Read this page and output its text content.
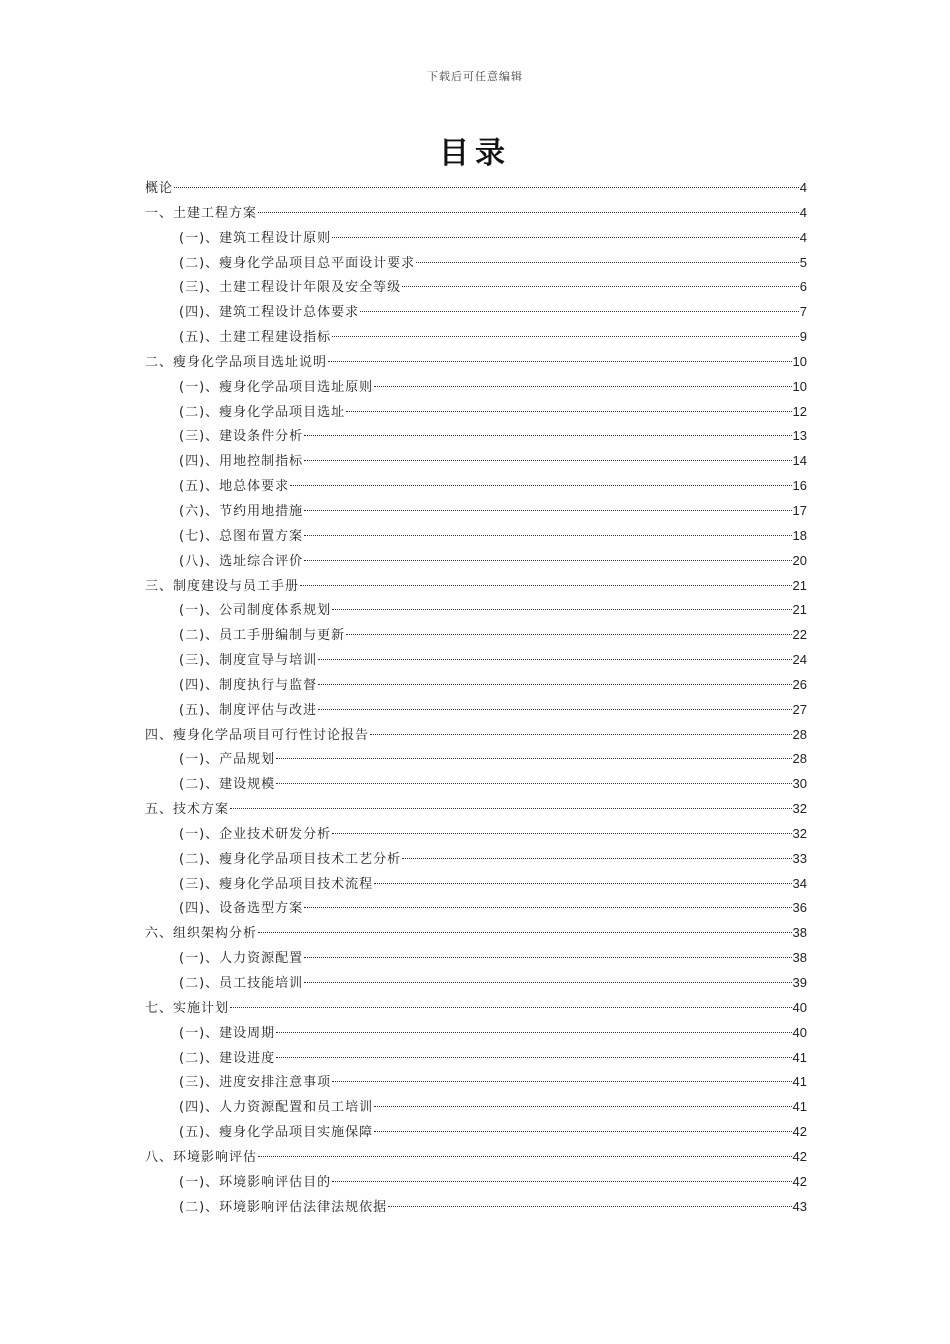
下载后可任意编辑
目录
概论	4
一、土建工程方案	4
(一)、建筑工程设计原则	4
(二)、瘦身化学品项目总平面设计要求	5
(三)、土建工程设计年限及安全等级	6
(四)、建筑工程设计总体要求	7
(五)、土建工程建设指标	9
二、瘦身化学品项目选址说明	10
(一)、瘦身化学品项目选址原则	10
(二)、瘦身化学品项目选址	12
(三)、建设条件分析	13
(四)、用地控制指标	14
(五)、地总体要求	16
(六)、节约用地措施	17
(七)、总图布置方案	18
(八)、选址综合评价	20
三、制度建设与员工手册	21
(一)、公司制度体系规划	21
(二)、员工手册编制与更新	22
(三)、制度宣导与培训	24
(四)、制度执行与监督	26
(五)、制度评估与改进	27
四、瘦身化学品项目可行性讨论报告	28
(一)、产品规划	28
(二)、建设规模	30
五、技术方案	32
(一)、企业技术研发分析	32
(二)、瘦身化学品项目技术工艺分析	33
(三)、瘦身化学品项目技术流程	34
(四)、设备选型方案	36
六、组织架构分析	38
(一)、人力资源配置	38
(二)、员工技能培训	39
七、实施计划	40
(一)、建设周期	40
(二)、建设进度	41
(三)、进度安排注意事项	41
(四)、人力资源配置和员工培训	41
(五)、瘦身化学品项目实施保障	42
八、环境影响评估	42
(一)、环境影响评估目的	42
(二)、环境影响评估法律法规依据	43
